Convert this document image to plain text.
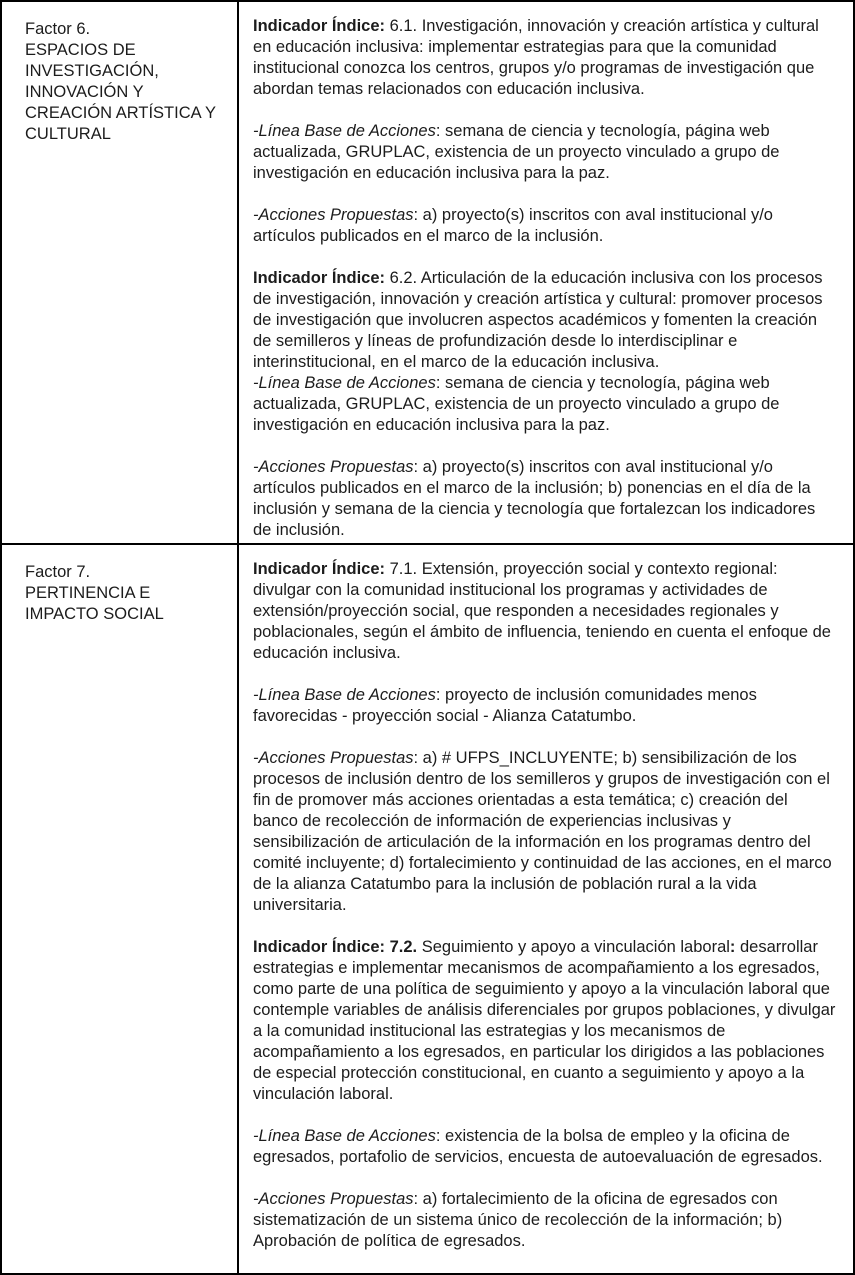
Factor 6.
ESPACIOS DE
INVESTIGACIÓN,
INNOVACIÓN Y
CREACIÓN ARTÍSTICA Y
CULTURAL

Indicador Índice: 6.1. Investigación, innovación y creación artística y cultural en educación inclusiva: implementar estrategias para que la comunidad institucional conozca los centros, grupos y/o programas de investigación que abordan temas relacionados con educación inclusiva.

-Línea Base de Acciones: semana de ciencia y tecnología, página web actualizada, GRUPLAC, existencia de un proyecto vinculado a grupo de investigación en educación inclusiva para la paz.

-Acciones Propuestas: a) proyecto(s) inscritos con aval institucional y/o artículos publicados en el marco de la inclusión.

Indicador Índice: 6.2. Articulación de la educación inclusiva con los procesos de investigación, innovación y creación artística y cultural: promover procesos de investigación que involucren aspectos académicos y fomenten la creación de semilleros y líneas de profundización desde lo interdisciplinar e interinstitucional, en el marco de la educación inclusiva.

-Línea Base de Acciones: semana de ciencia y tecnología, página web actualizada, GRUPLAC, existencia de un proyecto vinculado a grupo de investigación en educación inclusiva para la paz.

-Acciones Propuestas: a) proyecto(s) inscritos con aval institucional y/o artículos publicados en el marco de la inclusión; b) ponencias en el día de la inclusión y semana de la ciencia y tecnología que fortalezcan los indicadores de inclusión.

Factor 7.
PERTINENCIA E
IMPACTO SOCIAL

Indicador Índice: 7.1. Extensión, proyección social y contexto regional: divulgar con la comunidad institucional los programas y actividades de extensión/proyección social, que responden a necesidades regionales y poblacionales, según el ámbito de influencia, teniendo en cuenta el enfoque de educación inclusiva.

-Línea Base de Acciones: proyecto de inclusión comunidades menos favorecidas - proyección social - Alianza Catatumbo.

-Acciones Propuestas: a) # UFPS_INCLUYENTE; b) sensibilización de los procesos de inclusión dentro de los semilleros y grupos de investigación con el fin de promover más acciones orientadas a esta temática; c) creación del banco de recolección de información de experiencias inclusivas y sensibilización de articulación de la información en los programas dentro del comité incluyente; d) fortalecimiento y continuidad de las acciones, en el marco de la alianza Catatumbo para la inclusión de población rural a la vida universitaria.

Indicador Índice: 7.2. Seguimiento y apoyo a vinculación laboral: desarrollar estrategias e implementar mecanismos de acompañamiento a los egresados, como parte de una política de seguimiento y apoyo a la vinculación laboral que contemple variables de análisis diferenciales por grupos poblaciones, y divulgar a la comunidad institucional las estrategias y los mecanismos de acompañamiento a los egresados, en particular los dirigidos a las poblaciones de especial protección constitucional, en cuanto a seguimiento y apoyo a la vinculación laboral.

-Línea Base de Acciones: existencia de la bolsa de empleo y la oficina de egresados, portafolio de servicios, encuesta de autoevaluación de egresados.

-Acciones Propuestas: a) fortalecimiento de la oficina de egresados con sistematización de un sistema único de recolección de la información; b) Aprobación de política de egresados.
